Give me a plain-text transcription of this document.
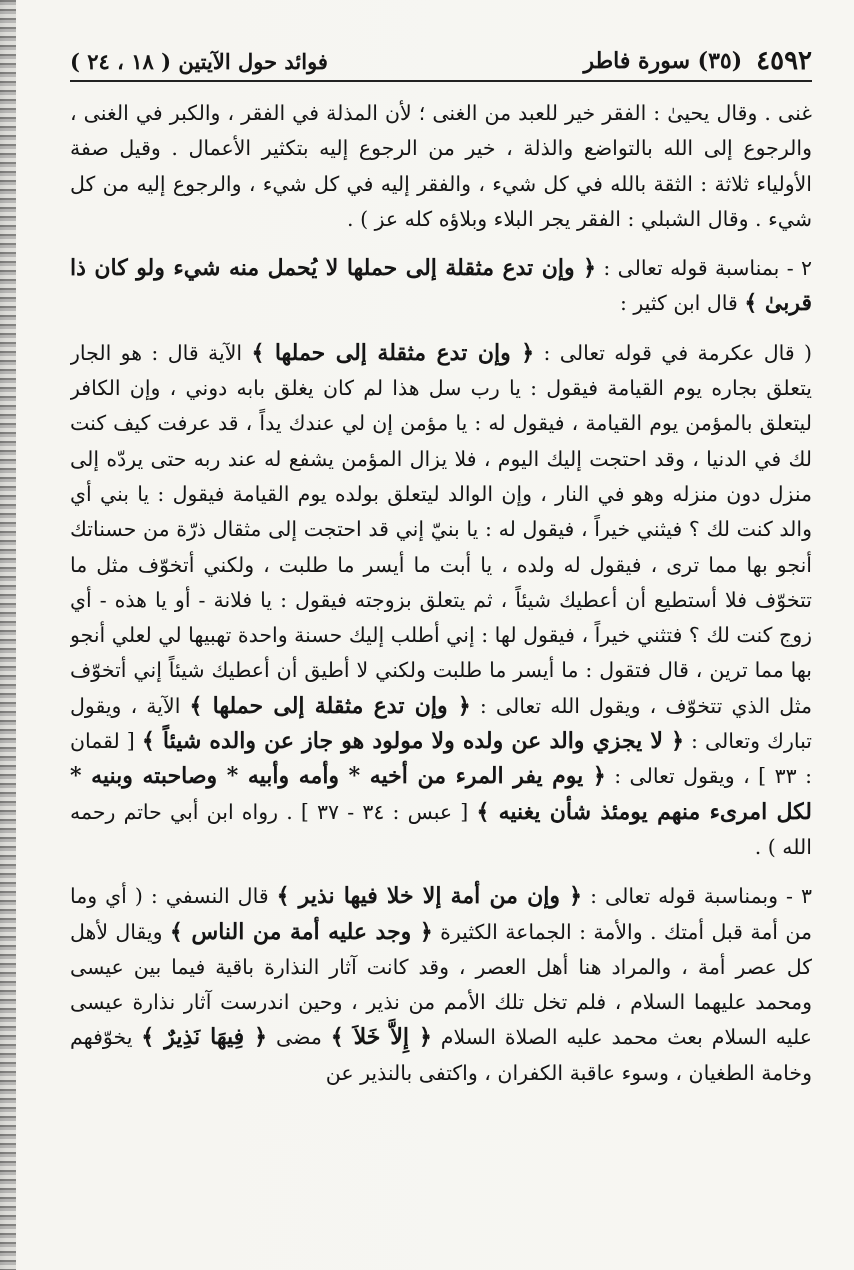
٤٥٩٢
(٣٥) سورة فاطر
فوائد حول الآيتين ( ١٨ ، ٢٤ )

غنى . وقال يحيىٰ : الفقر خير للعبد من الغنى ؛ لأن المذلة في الفقر ، والكبر في الغنى ، والرجوع إلى الله بالتواضع والذلة ، خير من الرجوع إليه بتكثير الأعمال . وقيل صفة الأولياء ثلاثة : الثقة بالله في كل شيء ، والفقر إليه في كل شيء ، والرجوع إليه من كل شيء . وقال الشبلي : الفقر يجر البلاء وبلاؤه كله عز ) .

٢ - بمناسبة قوله تعالى : ﴿ وإن تدع مثقلة إلى حملها لا يُحمل منه شيء ولو كان ذا قربىٰ ﴾ قال ابن كثير :

( قال عكرمة في قوله تعالى : ﴿ وإن تدع مثقلة إلى حملها ﴾ الآية قال : هو الجار يتعلق بجاره يوم القيامة فيقول : يا رب سل هذا لم كان يغلق بابه دوني ، وإن الكافر ليتعلق بالمؤمن يوم القيامة ، فيقول له : يا مؤمن إن لي عندك يداً ، قد عرفت كيف كنت لك في الدنيا ، وقد احتجت إليك اليوم ، فلا يزال المؤمن يشفع له عند ربه حتى يردّه إلى منزل دون منزله وهو في النار ، وإن الوالد ليتعلق بولده يوم القيامة فيقول : يا بني أي والد كنت لك ؟ فيثني خيراً ، فيقول له : يا بنيّ إني قد احتجت إلى مثقال ذرّة من حسناتك أنجو بها مما ترى ، فيقول له ولده ، يا أبت ما أيسر ما طلبت ، ولكني أتخوّف مثل ما تتخوّف فلا أستطيع أن أعطيك شيئاً ، ثم يتعلق بزوجته فيقول : يا فلانة - أو يا هذه - أي زوج كنت لك ؟ فتثني خيراً ، فيقول لها : إني أطلب إليك حسنة واحدة تهبيها لي لعلي أنجو بها مما ترين ، قال فتقول : ما أيسر ما طلبت ولكني لا أطيق أن أعطيك شيئاً إني أتخوّف مثل الذي تتخوّف ، ويقول الله تعالى : ﴿ وإن تدع مثقلة إلى حملها ﴾ الآية ، ويقول تبارك وتعالى : ﴿ لا يجزي والد عن ولده ولا مولود هو جاز عن والده شيئاً ﴾ [ لقمان : ٣٣ ] ، ويقول تعالى : ﴿ يوم يفر المرء من أخيه * وأمه وأبيه * وصاحبته وبنيه * لكل امرىء منهم يومئذ شأن يغنيه ﴾ [ عبس : ٣٤ - ٣٧ ] . رواه ابن أبي حاتم رحمه الله ) .

٣ - وبمناسبة قوله تعالى : ﴿ وإن من أمة إلا خلا فيها نذير ﴾ قال النسفي : ( أي وما من أمة قبل أمتك . والأمة : الجماعة الكثيرة ﴿ وجد عليه أمة من الناس ﴾ ويقال لأهل كل عصر أمة ، والمراد هنا أهل العصر ، وقد كانت آثار النذارة باقية فيما بين عيسى ومحمد عليهما السلام ، فلم تخل تلك الأمم من نذير ، وحين اندرست آثار نذارة عيسى عليه السلام بعث محمد عليه الصلاة السلام ﴿ إِلاَّ خَلاَ ﴾ مضى ﴿ فِيهَا نَذِيرٌ ﴾ يخوّفهم وخامة الطغيان ، وسوء عاقبة الكفران ، واكتفى بالنذير عن
